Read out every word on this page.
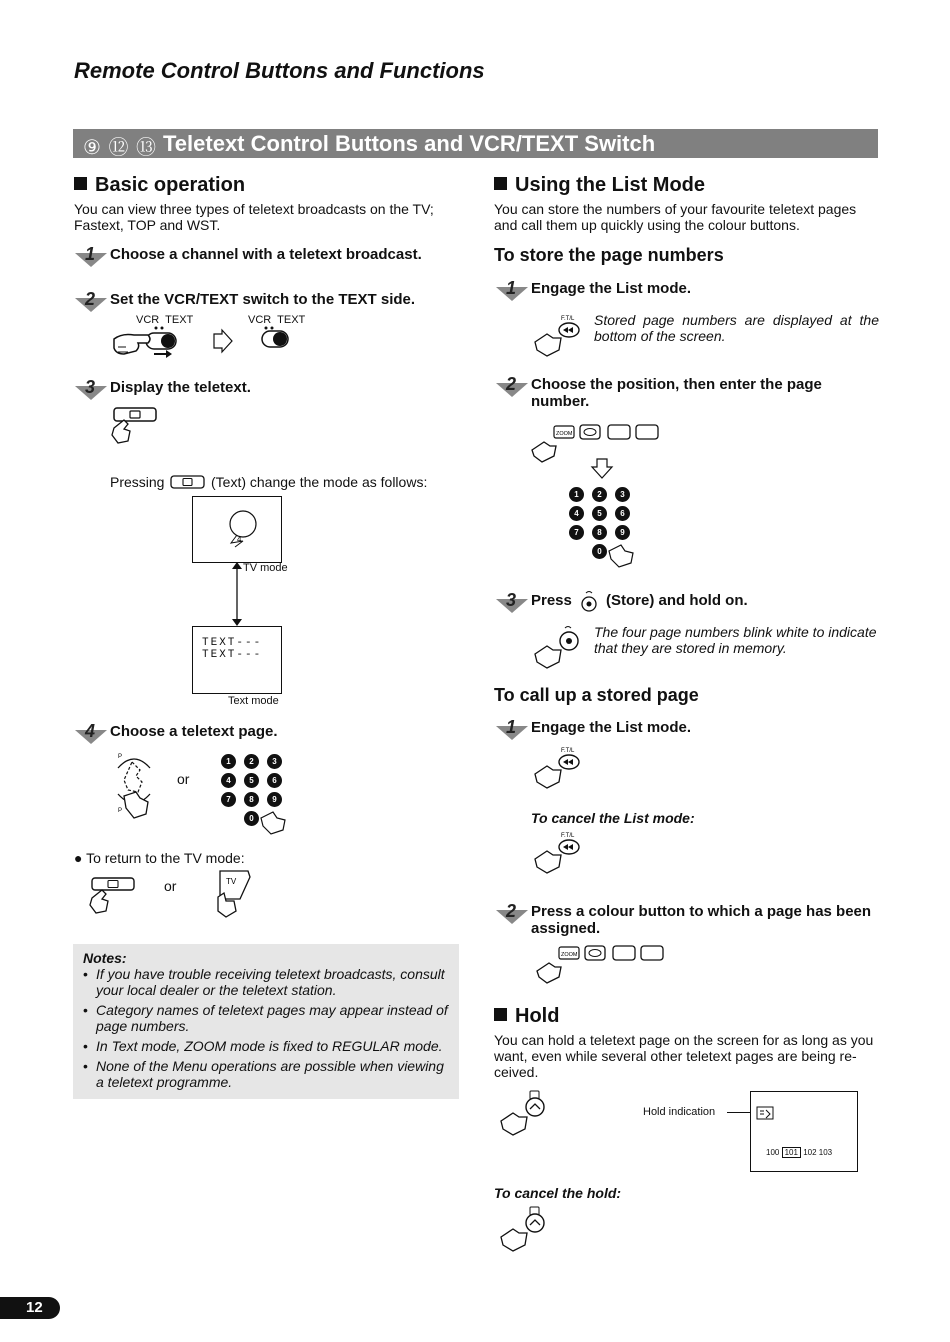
Remote Control Buttons and Functions
⑨ ⑫ ⑬ Teletext Control Buttons and VCR/TEXT Switch
Basic operation
You can view three types of teletext broadcasts on the TV; Fastext, TOP and WST.
1 Choose a channel with a teletext broadcast.
2 Set the VCR/TEXT switch to the TEXT side.
VCR  TEXT	VCR  TEXT
3 Display the teletext.
Pressing	(Text) change the mode as follows:
4
TV mode
TEXT---
TEXT---
Text mode
4 Choose a teletext page.
P
P
or
1	2	3
4	5	6
7	8	9
0
● To return to the TV mode:
or	TV
Notes:
• If you have trouble receiving teletext broadcasts, consult your local dealer or the teletext station.
• Category names of teletext pages may appear instead of page numbers.
• In Text mode, ZOOM mode is fixed to REGULAR mode.
• None of the Menu operations are possible when viewing a teletext programme.
Using the List Mode
You can store the numbers of your favourite teletext pages and call them up quickly using the colour buttons.
To store the page numbers
1 Engage the List mode.
F.T/L Stored page numbers are displayed at the bottom of the screen.
2 Choose the position, then enter the page number.
ZOOM
1	2	3
4	5	6
7	8	9
0
3 Press (Store) and hold on.
The four page numbers blink white to indicate that they are stored in memory.
To call up a stored page
1 Engage the List mode.
F.T/L
To cancel the List mode:
F.T/L
2 Press a colour button to which a page has been assigned.
ZOOM
Hold
You can hold a teletext page on the screen for as long as you want, even while several other teletext pages are being re-ceived.
Hold indication
100 101 102 103
To cancel the hold:
12
